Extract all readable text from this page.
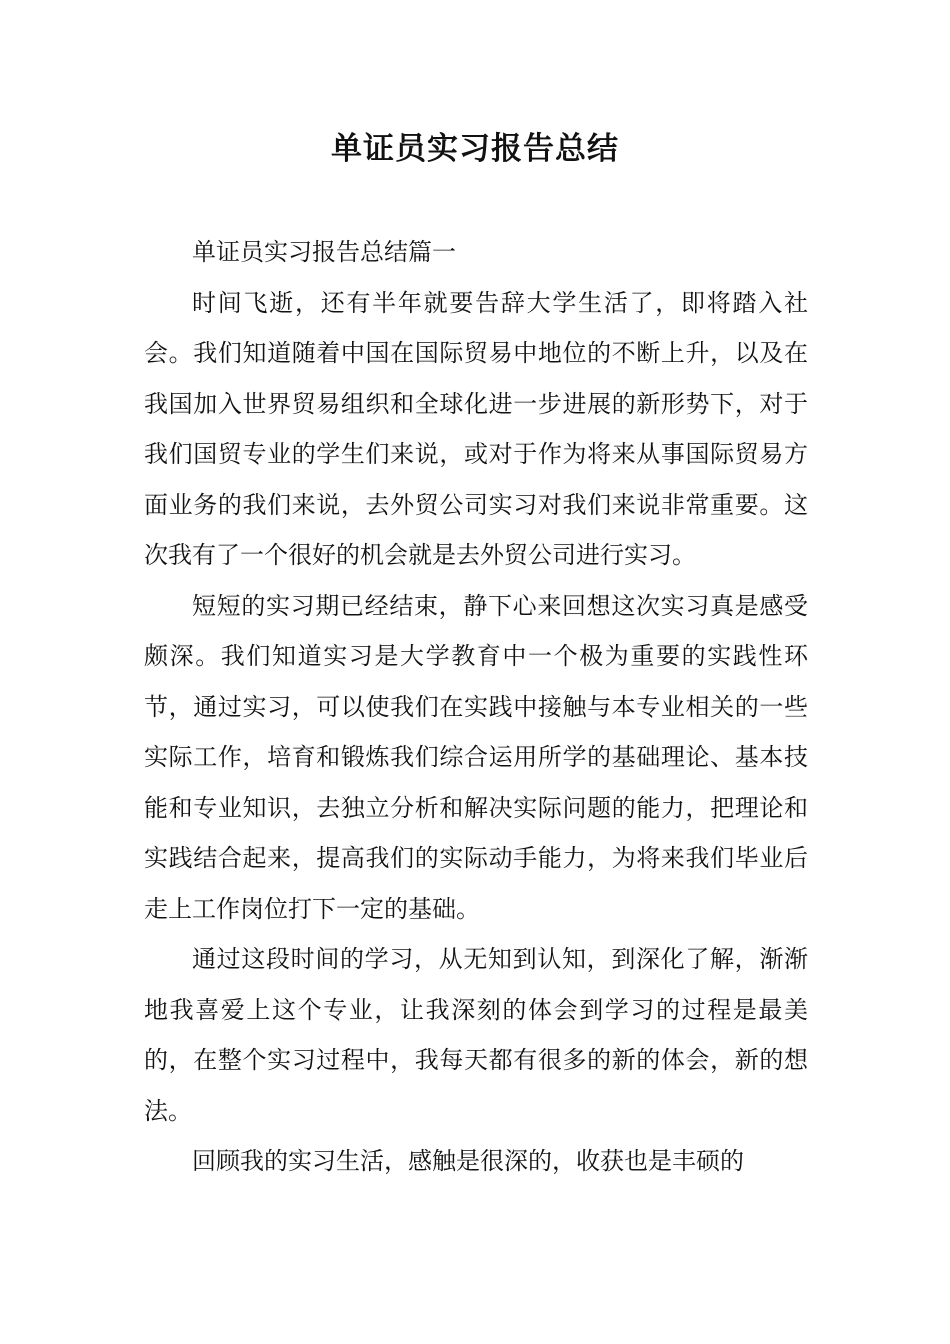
单证员实习报告总结

单证员实习报告总结篇一

时间飞逝，还有半年就要告辞大学生活了，即将踏入社会。我们知道随着中国在国际贸易中地位的不断上升，以及在我国加入世界贸易组织和全球化进一步进展的新形势下，对于我们国贸专业的学生们来说，或对于作为将来从事国际贸易方面业务的我们来说，去外贸公司实习对我们来说非常重要。这次我有了一个很好的机会就是去外贸公司进行实习。

短短的实习期已经结束，静下心来回想这次实习真是感受颇深。我们知道实习是大学教育中一个极为重要的实践性环节，通过实习，可以使我们在实践中接触与本专业相关的一些实际工作，培育和锻炼我们综合运用所学的基础理论、基本技能和专业知识，去独立分析和解决实际问题的能力，把理论和实践结合起来，提高我们的实际动手能力，为将来我们毕业后走上工作岗位打下一定的基础。

通过这段时间的学习，从无知到认知，到深化了解，渐渐地我喜爱上这个专业，让我深刻的体会到学习的过程是最美的，在整个实习过程中，我每天都有很多的新的体会，新的想法。

回顾我的实习生活，感触是很深的，收获也是丰硕的
